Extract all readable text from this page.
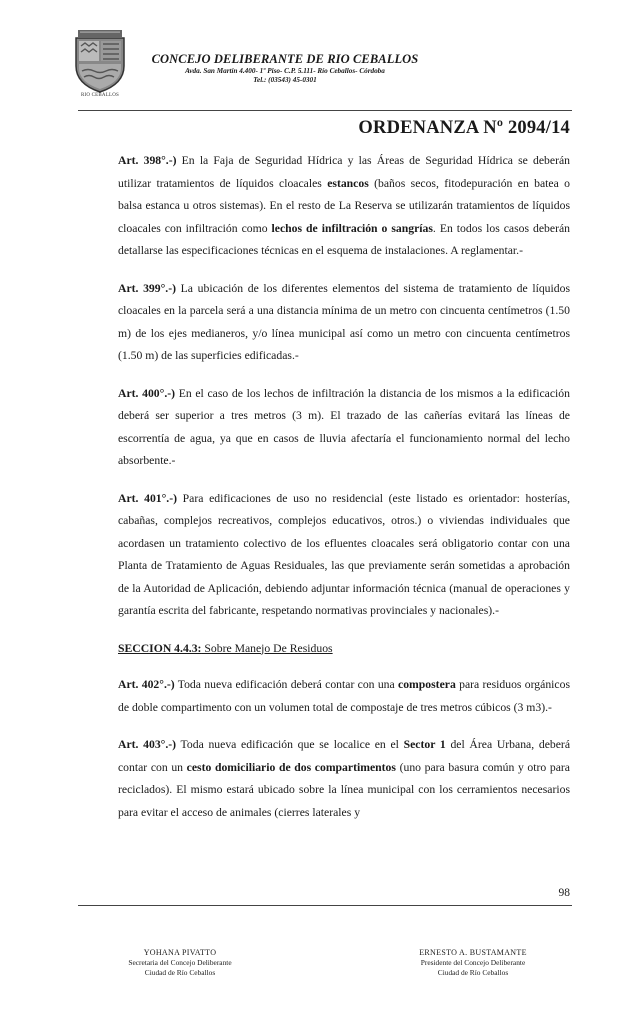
RIO CEBALLOS
CONCEJO DELIBERANTE DE RIO CEBALLOS
Avda. San Martín 4.400- 1º Piso- C.P. 5.111- Río Ceballos- Córdoba
Tel.: (03543) 45-0301
ORDENANZA Nº 2094/14

Art. 398°.-) En la Faja de Seguridad Hídrica y las Áreas de Seguridad Hídrica se deberán utilizar tratamientos de líquidos cloacales estancos (baños secos, fitodepuración en batea o balsa estanca u otros sistemas). En el resto de La Reserva se utilizarán tratamientos de líquidos cloacales con infiltración como lechos de infiltración o sangrías. En todos los casos deberán detallarse las especificaciones técnicas en el esquema de instalaciones. A reglamentar.-

Art. 399°.-) La ubicación de los diferentes elementos del sistema de tratamiento de líquidos cloacales en la parcela será a una distancia mínima de un metro con cincuenta centímetros (1.50 m) de los ejes medianeros, y/o línea municipal así como un metro con cincuenta centímetros (1.50 m) de las superficies edificadas.-

Art. 400°.-) En el caso de los lechos de infiltración la distancia de los mismos a la edificación deberá ser superior a tres metros (3 m). El trazado de las cañerías evitará las líneas de escorrentía de agua, ya que en casos de lluvia afectaría el funcionamiento normal del lecho absorbente.-

Art. 401°.-) Para edificaciones de uso no residencial (este listado es orientador: hosterías, cabañas, complejos recreativos, complejos educativos, otros.) o viviendas individuales que acordasen un tratamiento colectivo de los efluentes cloacales será obligatorio contar con una Planta de Tratamiento de Aguas Residuales, las que previamente serán sometidas a aprobación de la Autoridad de Aplicación, debiendo adjuntar información técnica (manual de operaciones y garantía escrita del fabricante, respetando normativas provinciales y nacionales).-

SECCION 4.4.3: Sobre Manejo De Residuos

Art. 402°.-) Toda nueva edificación deberá contar con una compostera para residuos orgánicos de doble compartimento con un volumen total de compostaje de tres metros cúbicos (3 m3).-

Art. 403°.-) Toda nueva edificación que se localice en el Sector 1 del Área Urbana, deberá contar con un cesto domiciliario de dos compartimentos (uno para basura común y otro para reciclados). El mismo estará ubicado sobre la línea municipal con los cerramientos necesarios para evitar el acceso de animales (cierres laterales y

98
YOHANA PIVATTO
Secretaria del Concejo Deliberante
Ciudad de Río Ceballos
ERNESTO A. BUSTAMANTE
Presidente del Concejo Deliberante
Ciudad de Río Ceballos
